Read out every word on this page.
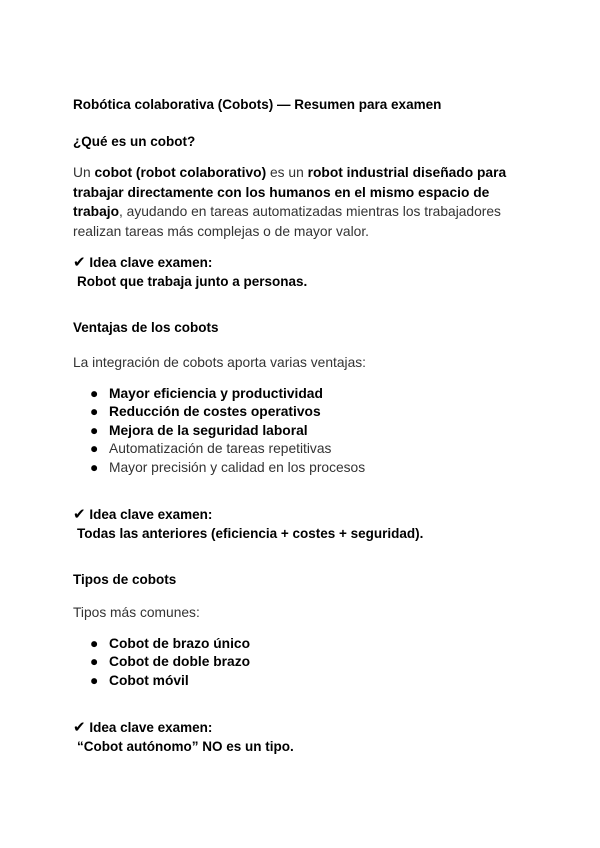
Robótica colaborativa (Cobots) — Resumen para examen

¿Qué es un cobot?

Un cobot (robot colaborativo) es un robot industrial diseñado para trabajar directamente con los humanos en el mismo espacio de trabajo, ayudando en tareas automatizadas mientras los trabajadores realizan tareas más complejas o de mayor valor.

✔ Idea clave examen:

Robot que trabaja junto a personas.

Ventajas de los cobots

La integración de cobots aporta varias ventajas:

● Mayor eficiencia y productividad
● Reducción de costes operativos
● Mejora de la seguridad laboral
● Automatización de tareas repetitivas
● Mayor precisión y calidad en los procesos

✔ Idea clave examen:

Todas las anteriores (eficiencia + costes + seguridad).

Tipos de cobots

Tipos más comunes:

● Cobot de brazo único
● Cobot de doble brazo
● Cobot móvil

✔ Idea clave examen:

“Cobot autónomo” NO es un tipo.
